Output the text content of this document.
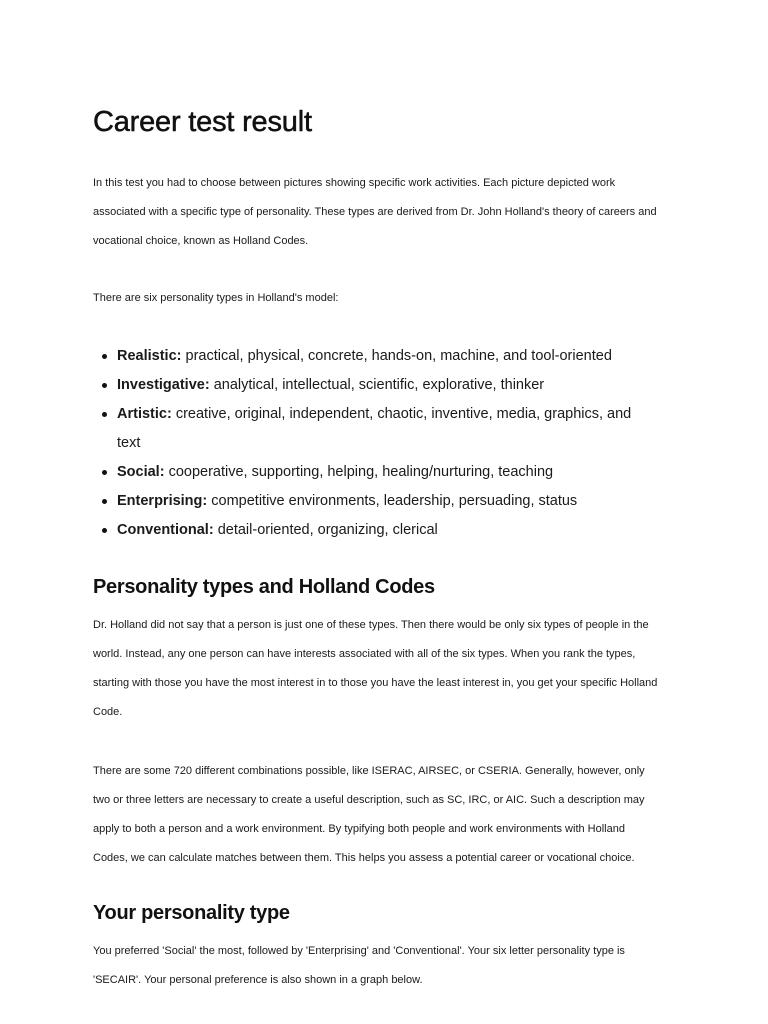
Career test result

In this test you had to choose between pictures showing specific work activities. Each picture depicted work
associated with a specific type of personality. These types are derived from Dr. John Holland's theory of careers and
vocational choice, known as Holland Codes.

There are six personality types in Holland's model:

Realistic: practical, physical, concrete, hands-on, machine, and tool-oriented
Investigative: analytical, intellectual, scientific, explorative, thinker
Artistic: creative, original, independent, chaotic, inventive, media, graphics, and
text
Social: cooperative, supporting, helping, healing/nurturing, teaching
Enterprising: competitive environments, leadership, persuading, status
Conventional: detail-oriented, organizing, clerical
Personality types and Holland Codes

Dr. Holland did not say that a person is just one of these types. Then there would be only six types of people in the
world. Instead, any one person can have interests associated with all of the six types. When you rank the types,
starting with those you have the most interest in to those you have the least interest in, you get your specific Holland
Code.

There are some 720 different combinations possible, like ISERAC, AIRSEC, or CSERIA. Generally, however, only
two or three letters are necessary to create a useful description, such as SC, IRC, or AIC. Such a description may
apply to both a person and a work environment. By typifying both people and work environments with Holland
Codes, we can calculate matches between them. This helps you assess a potential career or vocational choice.

Your personality type

You preferred 'Social' the most, followed by 'Enterprising' and 'Conventional'. Your six letter personality type is
'SECAIR'. Your personal preference is also shown in a graph below.
